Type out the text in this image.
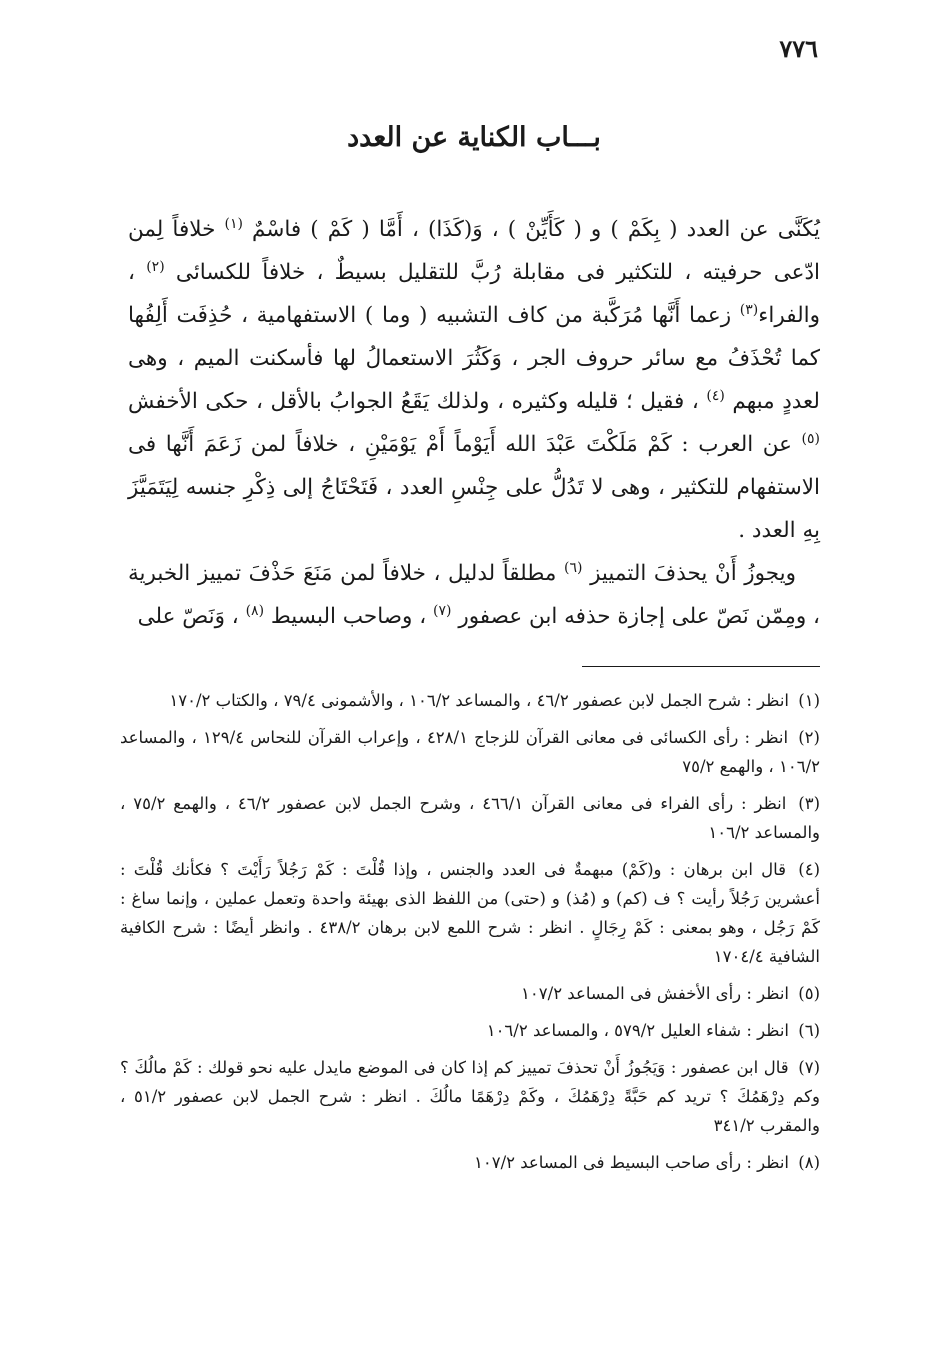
٧٧٦
بـــاب الكناية عن العدد

يُكَنَّى عن العدد ( بِكَمْ ) و ( كَأَيِّنْ ) ، وَ(كَذَا) ، أَمَّا ( كَمْ ) فاسْمٌ $^{(١)}$ خلافاً لِمن ادّعى حرفيته ، للتكثير فى مقابلة رُبَّ للتقليل بسيطٌ ، خلافاً للكسائى $^{(٢)}$ ، والفراء$^{(٣)}$ زعما أَنَّها مُرَكَّبة من كاف التشبيه ( وما ) الاستفهامية ، حُذِفَت أَلِفُها كما تُحْذَفُ مع سائر حروف الجر ، وَكَثُرَ الاستعمالُ لها فأسكنت الميم ، وهى لعددٍ مبهم $^{(٤)}$ ، فقيل ؛ قليله وكثيره ، ولذلك يَقَعُ الجوابُ بالأقل ، حكى الأخفش $^{(٥)}$ عن العرب : كَمْ مَلَكْتَ عَبْدَ الله أَيَوْماً أَمْ يَوْمَيْنِ ، خلافاً لمن زَعَمَ أَنَّها فى الاستفهام للتكثير ، وهى لا تَدُلُّ على جِنْسِ العدد ، فَتَحْتَاجُ إلى ذِكْرِ جنسه لِيَتَمَيَّزَ بِهِ العدد .

ويجوزُ أَنْ يحذفَ التمييز $^{(٦)}$ مطلقاً لدليل ، خلافاً لمن مَنَعَ حَذْفَ تمييز الخبرية ، ومِمّن نَصّ على إجازة حذفه ابن عصفور $^{(٧)}$ ، وصاحب البسيط $^{(٨)}$ ، وَنَصّ على

(١) انظر : شرح الجمل لابن عصفور ٤٦/٢ ، والمساعد ١٠٦/٢ ، والأشمونى ٧٩/٤ ، والكتاب ١٧٠/٢

(٢) انظر : رأى الكسائى فى معانى القرآن للزجاج ٤٢٨/١ ، وإعراب القرآن للنحاس ١٢٩/٤ ، والمساعد ١٠٦/٢ ، والهمع ٧٥/٢

(٣) انظر : رأى الفراء فى معانى القرآن ٤٦٦/١ ، وشرح الجمل لابن عصفور ٤٦/٢ ، والهمع ٧٥/٢ ، والمساعد ١٠٦/٢

(٤) قال ابن برهان : و(كَمْ) مبهمةٌ فى العدد والجنس ، وإذا قُلْتَ : كَمْ رَجُلاً رَأَيْتَ ؟ فكأنك قُلْتَ : أعشرين رَجُلاً رأيت ؟ ف (كم) و (مُذ) و (حتى) من اللفظ الذى بهيئة واحدة وتعمل عملين ، وإنما ساغ : كَمْ رَجُل ، وهو بمعنى : كَمْ رِجَالٍ . انظر : شرح اللمع لابن برهان ٤٣٨/٢ . وانظر أيضًا : شرح الكافية الشافية ١٧٠٤/٤

(٥) انظر : رأى الأخفش فى المساعد ١٠٧/٢

(٦) انظر : شفاء العليل ٥٧٩/٢ ، والمساعد ١٠٦/٢

(٧) قال ابن عصفور : وَيَجُوزُ أَنْ تحذفَ تمييز كم إذا كان فى الموضع مايدل عليه نحو قولك : كَمْ مالُكَ ؟ وكم دِرْهَمُكَ ؟ تريد كم حَبَّةً دِرْهَمُكَ ، وكَمْ دِرْهَمًا مالُكَ . انظر : شرح الجمل لابن عصفور ٥١/٢ ، والمقرب ٣٤١/٢

(٨) انظر : رأى صاحب البسيط فى المساعد ١٠٧/٢
